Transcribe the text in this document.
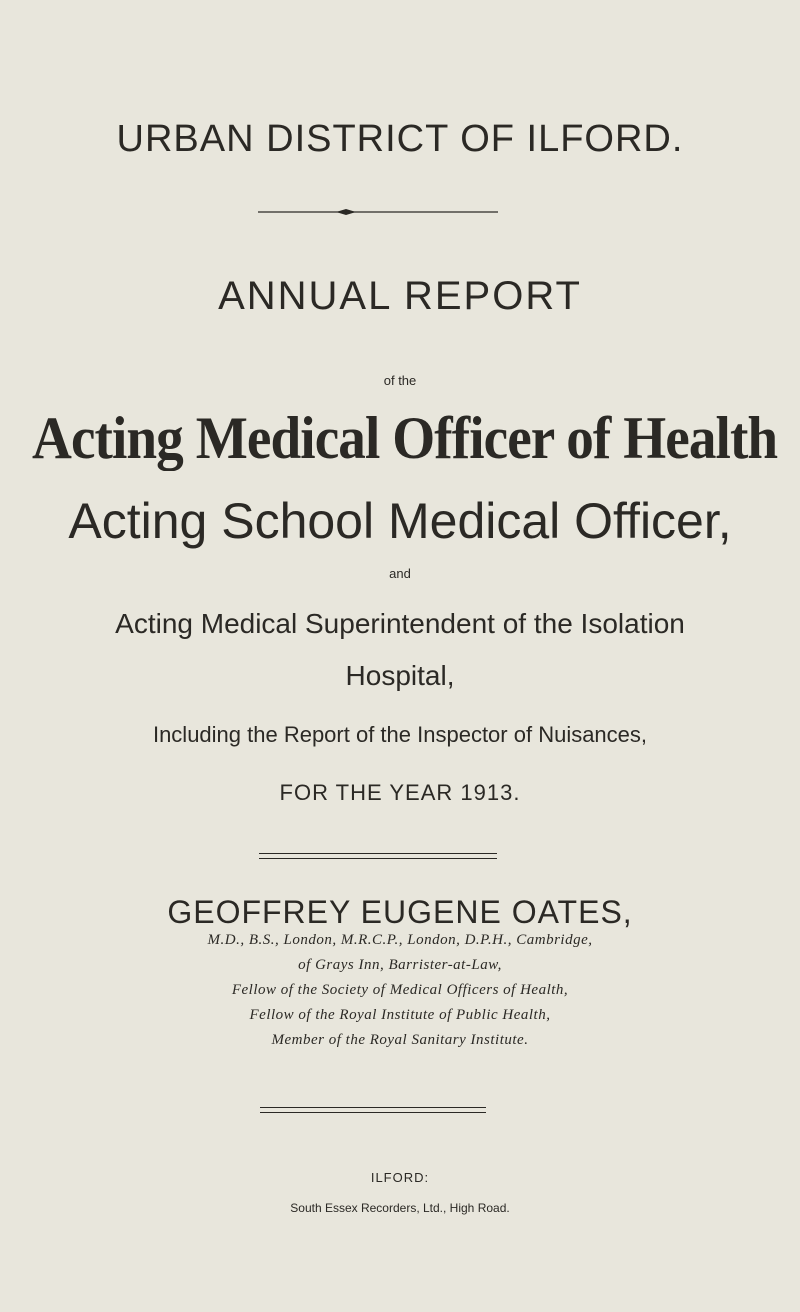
URBAN DISTRICT OF ILFORD.
ANNUAL REPORT
of the
Acting Medical Officer of Health
Acting School Medical Officer,
and
Acting Medical Superintendent of the Isolation
Hospital,
Including the Report of the Inspector of Nuisances,
FOR THE YEAR 1913.
GEOFFREY EUGENE OATES,
M.D., B.S., London, M.R.C.P., London, D.P.H., Cambridge,
of Grays Inn, Barrister-at-Law,
Fellow of the Society of Medical Officers of Health,
Fellow of the Royal Institute of Public Health,
Member of the Royal Sanitary Institute.
ILFORD:
South Essex Recorders, Ltd., High Road.
